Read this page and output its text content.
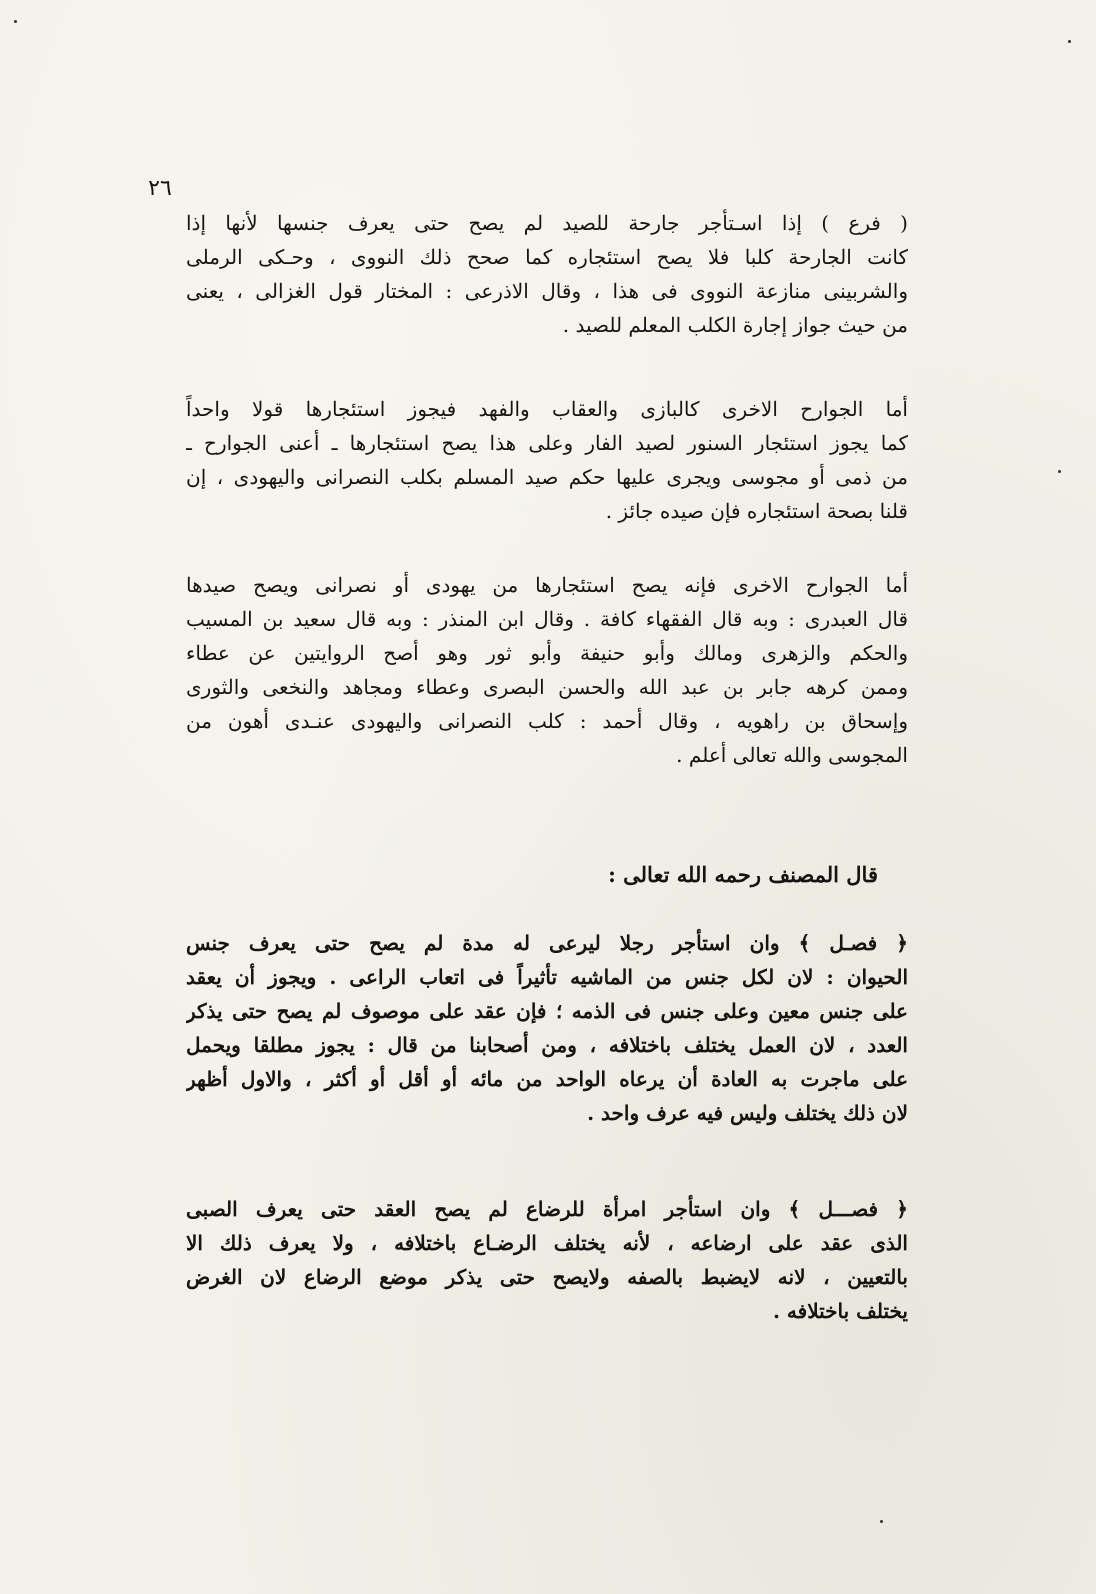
٢٦
( فرع ) إذا اسـتأجر جارحة للصيد لم يصح حتى يعرف جنسها لأنها إذا
كانت الجارحة كلبا فلا يصح استئجاره كما صحح ذلك النووى ، وحـكى الرملى
والشربينى منازعة النووى فى هذا ، وقال الاذرعى : المختار قول الغزالى ، يعنى
من حيث جواز إجارة الكلب المعلم للصيد .
أما الجوارح الاخرى كالبازى والعقاب والفهد فيجوز استئجارها قولا واحداً
كما يجوز استئجار السنور لصيد الفار وعلى هذا يصح استئجارها ـ أعنى الجوارح ـ
من ذمى أو مجوسى ويجرى عليها حكم صيد المسلم بكلب النصرانى واليهودى ، إن
قلنا بصحة استئجاره فإن صيده جائز .
أما الجوارح الاخرى فإنه يصح استئجارها من يهودى أو نصرانى ويصح صيدها
قال العبدرى : وبه قال الفقهاء كافة . وقال ابن المنذر : وبه قال سعيد بن المسيب
والحكم والزهرى ومالك وأبو حنيفة وأبو ثور وهو أصح الروايتين عن عطاء
وممن كرهه جابر بن عبد الله والحسن البصرى وعطاء ومجاهد والنخعى والثورى
وإسحاق بن راهويه ، وقال أحمد : كلب النصرانى واليهودى عنـدى أهون من
المجوسى والله تعالى أعلم .
قال المصنف رحمه الله تعالى :
﴿ فصـل ﴾ وان استأجر رجلا ليرعى له مدة لم يصح حتى يعرف جنس
الحيوان : لان لكل جنس من الماشيه تأثيراً فى اتعاب الراعى . ويجوز أن يعقد
على جنس معين وعلى جنس فى الذمه ؛ فإن عقد على موصوف لم يصح حتى يذكر
العدد ، لان العمل يختلف باختلافه ، ومن أصحابنا من قال : يجوز مطلقا ويحمل
على ماجرت به العادة أن يرعاه الواحد من مائه أو أقل أو أكثر ، والاول أظهر
لان ذلك يختلف وليس فيه عرف واحد .
﴿ فصـــل ﴾ وان استأجر امرأة للرضاع لم يصح العقد حتى يعرف الصبى
الذى عقد على ارضاعه ، لأنه يختلف الرضـاع باختلافه ، ولا يعرف ذلك الا
بالتعيين ، لانه لايضبط بالصفه ولايصح حتى يذكر موضع الرضاع لان الغرض
يختلف باختلافه .
